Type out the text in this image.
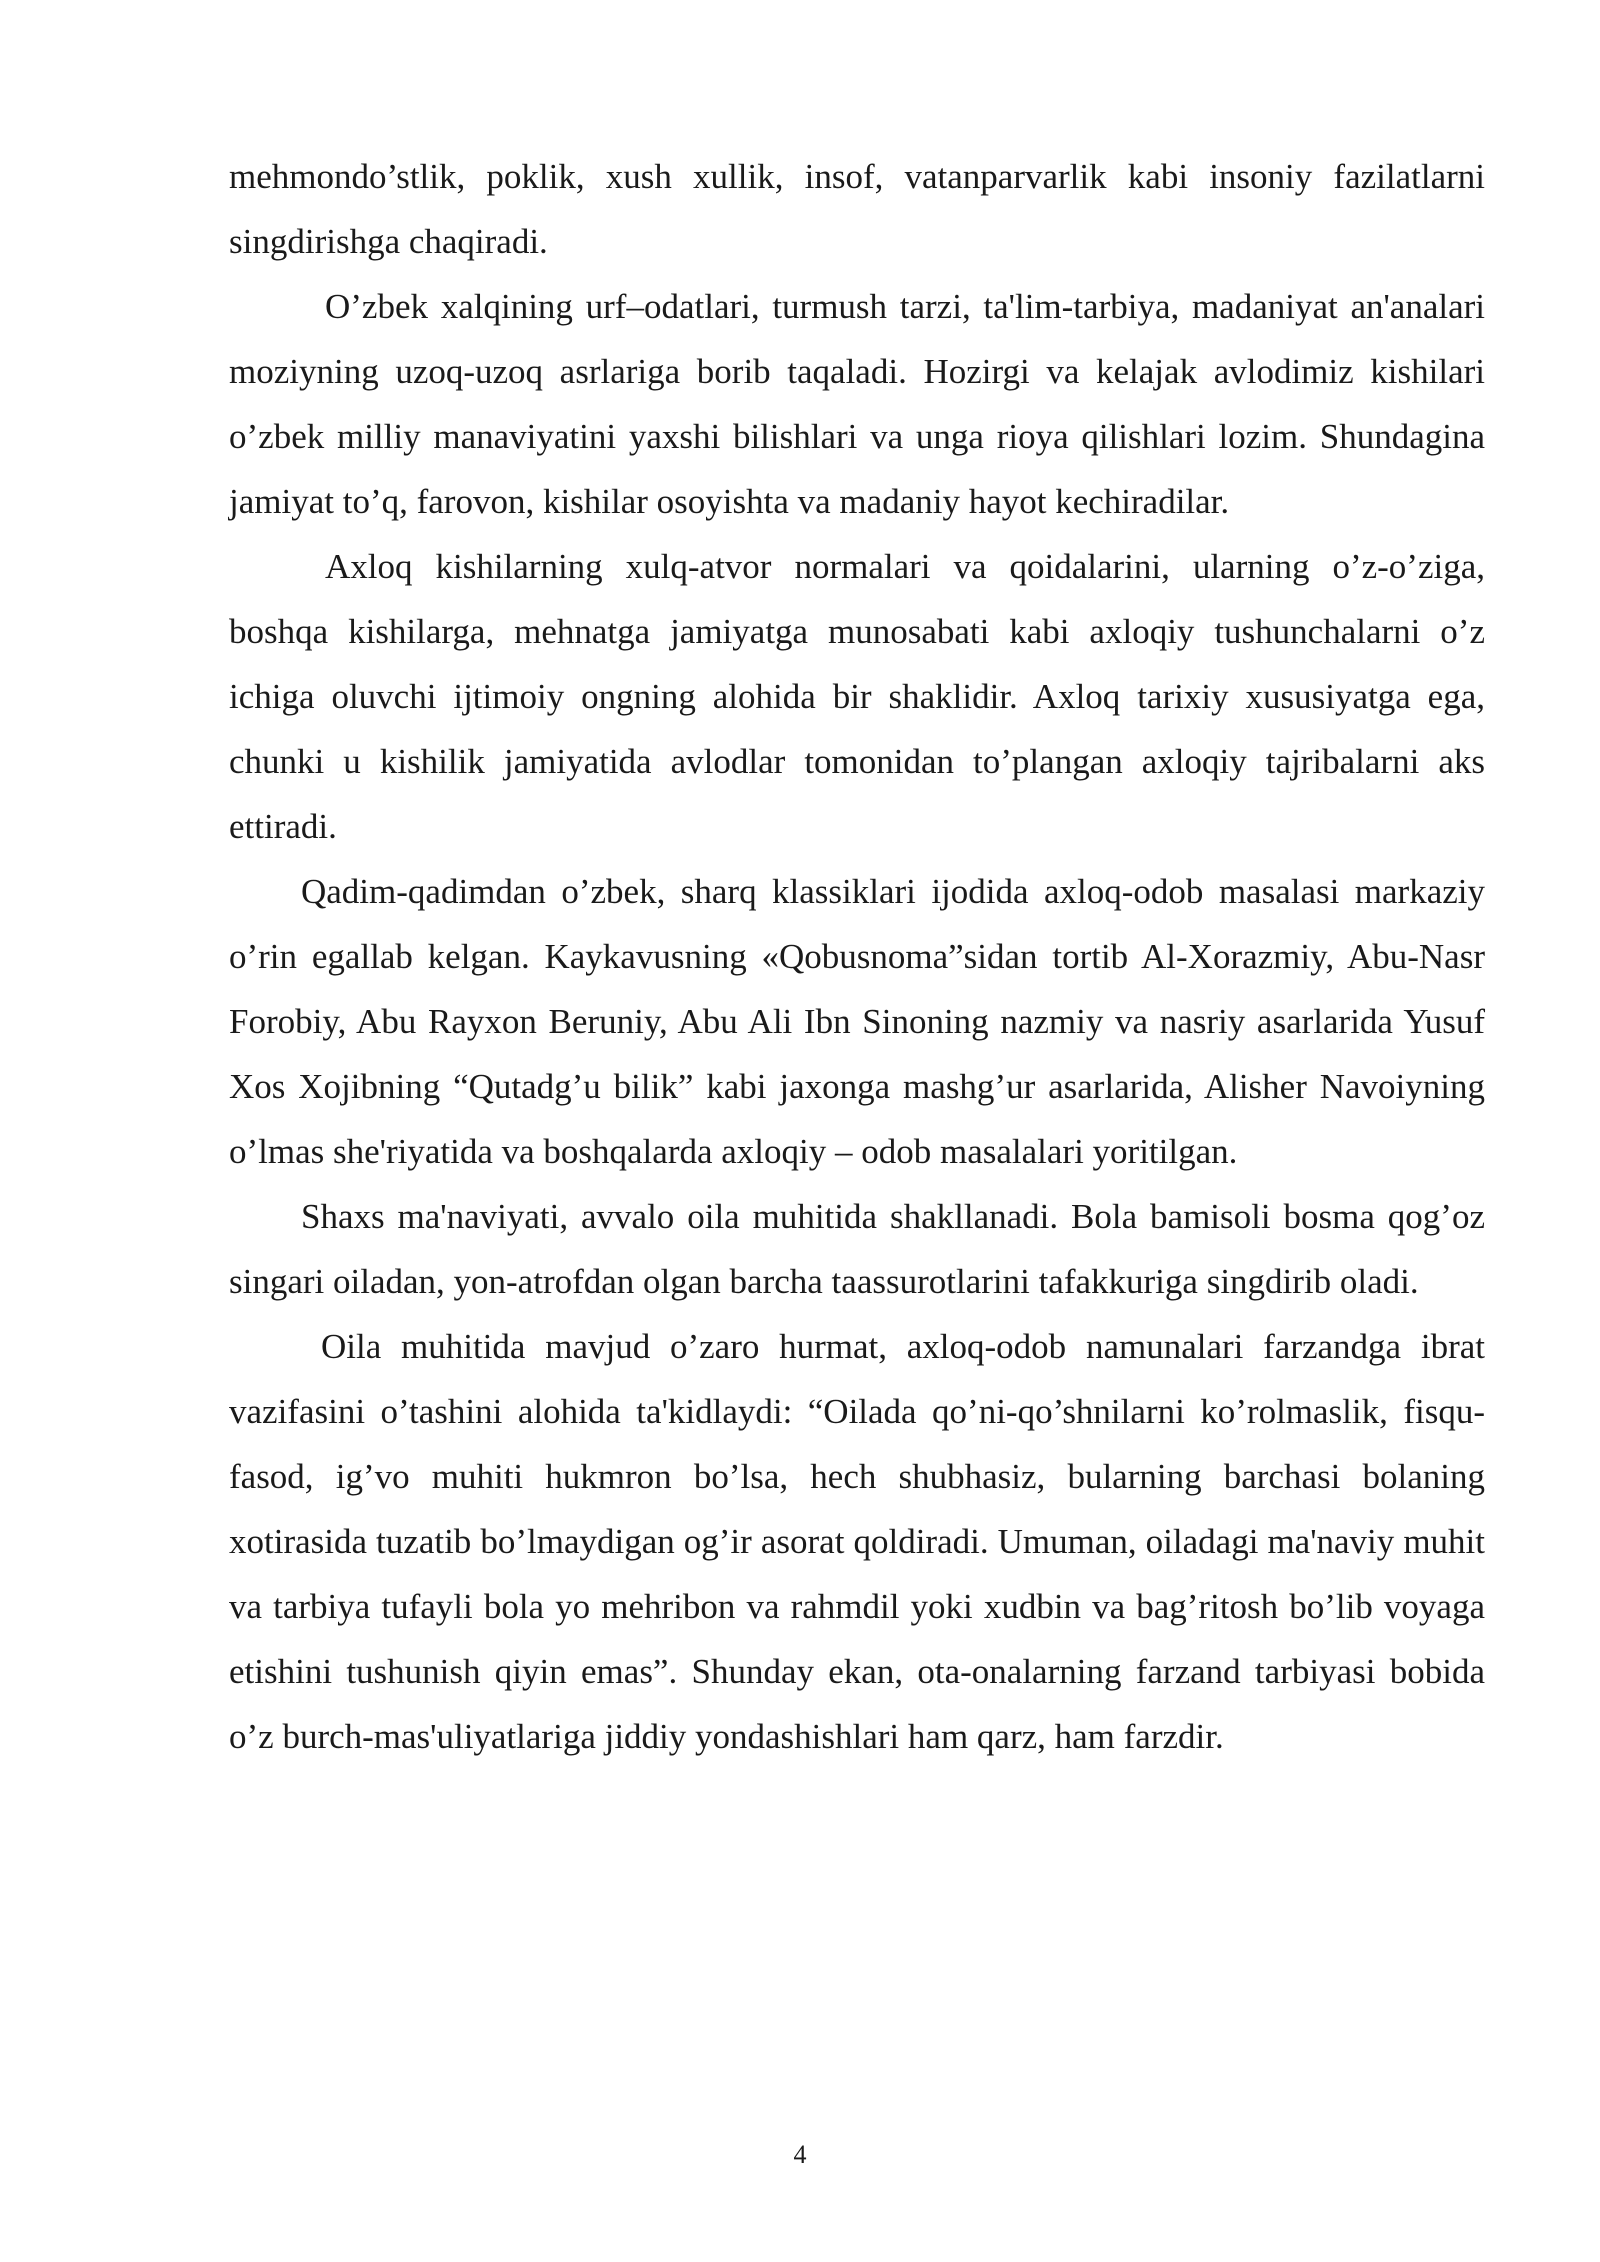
mehmondo’stlik, poklik, xush xullik, insof, vatanparvarlik kabi insoniy fazilatlarni singdirishga chaqiradi.

O’zbek xalqining urf–odatlari, turmush tarzi, ta'lim-tarbiya, madaniyat an'analari moziyning uzoq-uzoq asrlariga borib taqaladi. Hozirgi va kelajak avlodimiz kishilari o’zbek milliy manaviyatini yaxshi bilishlari va unga rioya qilishlari lozim. Shundagina jamiyat to’q, farovon, kishilar osoyishta va madaniy hayot kechiradilar.

Axloq kishilarning xulq-atvor normalari va qoidalarini, ularning o’z-o’ziga, boshqa kishilarga, mehnatga jamiyatga munosabati kabi axloqiy tushunchalarni o’z ichiga oluvchi ijtimoiy ongning alohida bir shaklidir. Axloq tarixiy xususiyatga ega, chunki u kishilik jamiyatida avlodlar tomonidan to’plangan axloqiy tajribalarni aks ettiradi.

Qadim-qadimdan o’zbek, sharq klassiklari ijodida axloq-odob masalasi markaziy o’rin egallab kelgan. Kaykavusning «Qobusnoma”sidan tortib Al-Xorazmiy, Abu-Nasr Forobiy, Abu Rayxon Beruniy, Abu Ali Ibn Sinoning nazmiy va nasriy asarlarida Yusuf Xos Xojibning “Qutadg’u bilik” kabi jaxonga mashg’ur asarlarida, Alisher Navoiyning o’lmas she'riyatida va boshqalarda axloqiy – odob masalalari yoritilgan.

Shaxs ma'naviyati, avvalo oila muhitida shakllanadi. Bola bamisoli bosma qog’oz singari oiladan, yon-atrofdan olgan barcha taassurotlarini tafakkuriga singdirib oladi.

Oila muhitida mavjud o’zaro hurmat, axloq-odob namunalari farzandga ibrat vazifasini o’tashini alohida ta'kidlaydi: “Oilada qo’ni-qo’shnilarni ko’rolmaslik, fisqu-fasod, ig’vo muhiti hukmron bo’lsa, hech shubhasiz, bularning barchasi bolaning xotirasida tuzatib bo’lmaydigan og’ir asorat qoldiradi. Umuman, oiladagi ma'naviy muhit va tarbiya tufayli bola yo mehribon va rahmdil yoki xudbin va bag’ritosh bo’lib voyaga etishini tushunish qiyin emas”. Shunday ekan, ota-onalarning farzand tarbiyasi bobida o’z burch-mas'uliyatlariga jiddiy yondashishlari ham qarz, ham farzdir.

4
